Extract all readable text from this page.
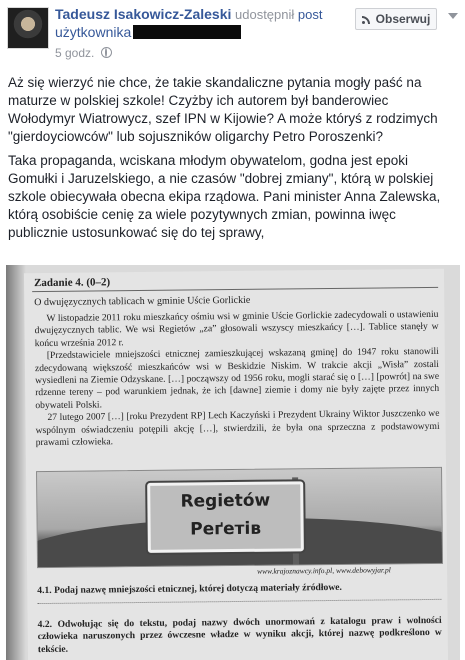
Tadeusz Isakowicz-Zaleski udostępnił post
użytkownika
5 godz.
Obserwuj

Aż się wierzyć nie chce, że takie skandaliczne pytania mogły paść na maturze w polskiej szkole! Czyżby ich autorem był banderowiec Wołodymyr Wiatrowycz, szef IPN w Kijowie? A może któryś z rodzimych "gierdoyciowców" lub sojuszników oligarchy Petro Poroszenki?

Taka propaganda, wciskana młodym obywatelom, godna jest epoki Gomułki i Jaruzelskiego, a nie czasów "dobrej zmiany", którą w polskiej szkole obiecywała obecna ekipa rządowa. Pani minister Anna Zalewska, którą osobiście cenię za wiele pozytywnych zmian, powinna iwęc publicznie ustosunkować się do tej sprawy,

Zadanie 4. (0–2)
O dwujęzycznych tablicach w gminie Uście Gorlickie

W listopadzie 2011 roku mieszkańcy ośmiu wsi w gminie Uście Gorlickie zadecydowali o ustawieniu dwujęzycznych tablic. We wsi Regietów „za” głosowali wszyscy mieszkańcy […]. Tablice stanęły w końcu września 2012 r.

[Przedstawiciele mniejszości etnicznej zamieszkującej wskazaną gminę] do 1947 roku stanowili zdecydowaną większość mieszkańców wsi w Beskidzie Niskim. W trakcie akcji „Wisła” zostali wysiedleni na Ziemie Odzyskane. […] począwszy od 1956 roku, mogli starać się o […] [powrót] na swe rdzenne tereny – pod warunkiem jednak, że ich [dawne] ziemie i domy nie były zajęte przez innych obywateli Polski.

27 lutego 2007 […] [roku Prezydent RP] Lech Kaczyński i Prezydent Ukrainy Wiktor Juszczenko we wspólnym oświadczeniu potępili akcję […], stwierdzili, że była ona sprzeczna z podstawowymi prawami człowieka.

Regietów
Реґетів
www.krajoznawcy.info.pl, www.debowyjar.pl
4.1. Podaj nazwę mniejszości etnicznej, której dotyczą materiały źródłowe.
4.2. Odwołując się do tekstu, podaj nazwy dwóch unormowań z katalogu praw i wolności człowieka naruszonych przez ówczesne władze w wyniku akcji, której nazwę podkreślono w tekście.
